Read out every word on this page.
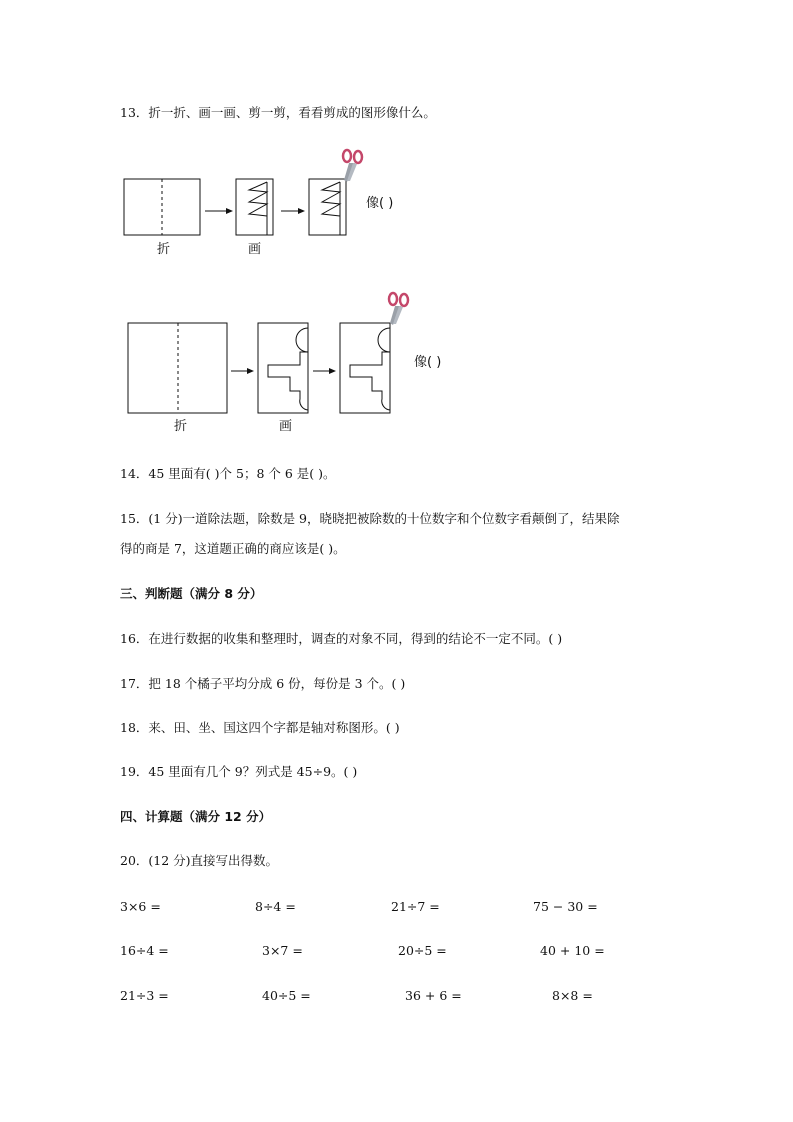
13．折一折、画一画、剪一剪，看看剪成的图形像什么。
折	画
像( )
折	画
像( )
14．45 里面有( )个 5；8 个 6 是( )。
15．(1 分)一道除法题，除数是 9，晓晓把被除数的十位数字和个位数字看颠倒了，结果除
得的商是 7，这道题正确的商应该是( )。
三、判断题（满分 8 分）
16．在进行数据的收集和整理时，调查的对象不同，得到的结论不一定不同。( )
17．把 18 个橘子平均分成 6 份，每份是 3 个。( )
18．来、田、坐、国这四个字都是轴对称图形。( )
19．45 里面有几个 9？列式是 45÷9。( )
四、计算题（满分 12 分）
20．(12 分)直接写出得数。
3×6 =	8÷4 =	21÷7 =	75 − 30 =
16÷4 =	3×7 =	20÷5 =	40 + 10 =
21÷3 =	40÷5 =	36 + 6 =	8×8 =
